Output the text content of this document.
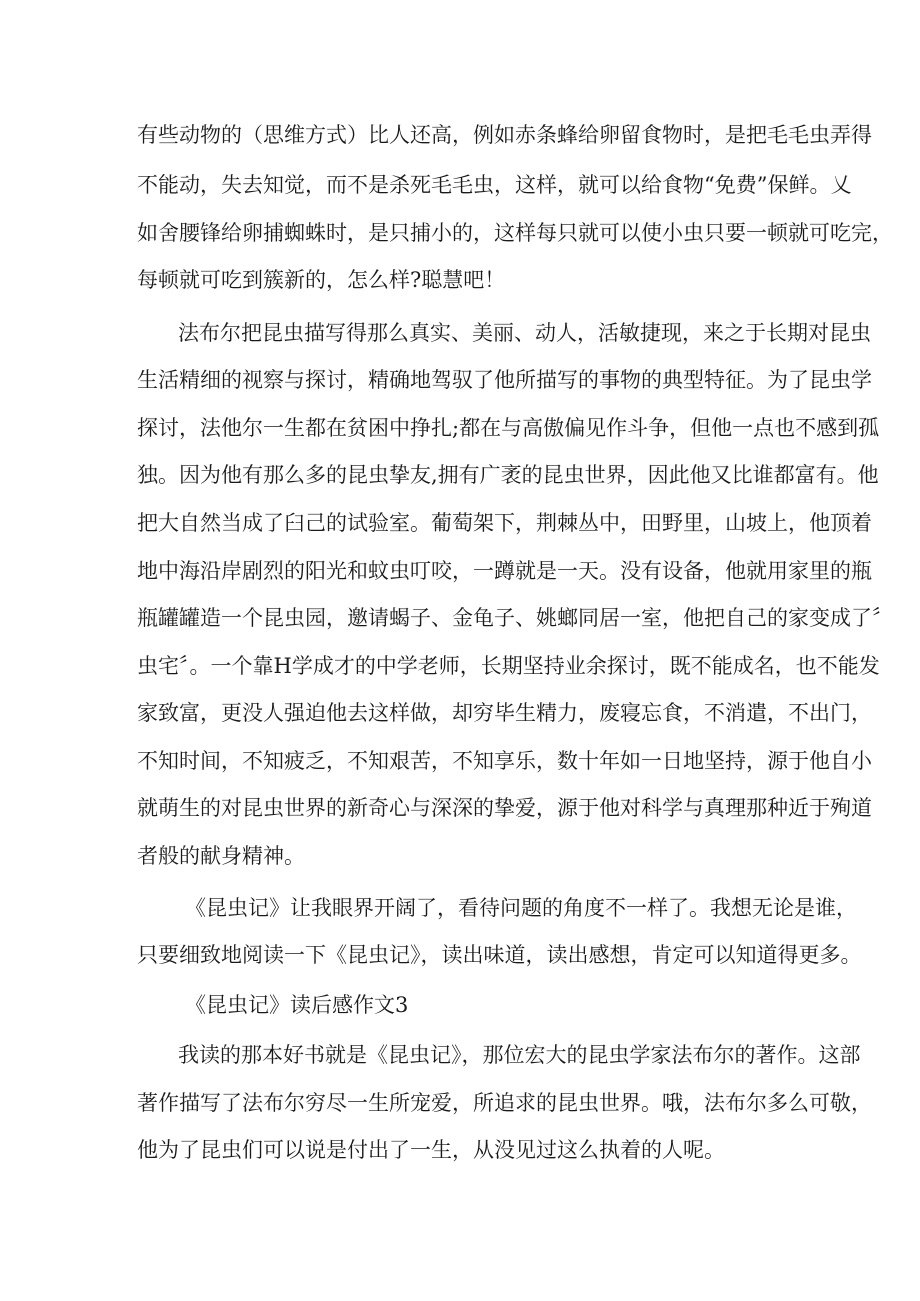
有些动物的（思维方式）比人还高，例如赤条蜂给卵留食物时，是把毛毛虫弄得

不能动，失去知觉，而不是杀死毛毛虫，这样，就可以给食物“免费”保鲜。乂

如舍腰锋给卵捕蜘蛛时，是只捕小的，这样每只就可以使小虫只要一顿就可吃完，

每顿就可吃到簇新的，怎么样?聪慧吧！

法布尔把昆虫描写得那么真实、美丽、动人，活敏捷现，来之于长期对昆虫

生活精细的视察与探讨，精确地驾驭了他所描写的事物的典型特征。为了昆虫学

探讨，法他尔一生都在贫困中挣扎;都在与高傲偏见作斗争，但他一点也不感到孤

独。因为他有那么多的昆虫挚友,拥有广袤的昆虫世界，因此他又比谁都富有。他

把大自然当成了臼己的试验室。葡萄架下，荆棘丛中，田野里，山坡上，他顶着

地中海沿岸剧烈的阳光和蚊虫叮咬，一蹲就是一天。没有设备，他就用家里的瓶

瓶罐罐造一个昆虫园，邀请蝎子、金龟子、姚螂同居一室，他把自己的家变成了〞

虫宅〞。一个靠H学成才的中学老师，长期坚持业余探讨，既不能成名，也不能发

家致富，更没人强迫他去这样做，却穷毕生精力，废寝忘食，不消遣，不出门，

不知时间，不知疲乏，不知艰苦，不知享乐，数十年如一日地坚持，源于他自小

就萌生的对昆虫世界的新奇心与深深的挚爱，源于他对科学与真理那种近于殉道

者般的献身精神。

《昆虫记》让我眼界开阔了，看待问题的角度不一样了。我想无论是谁，

只要细致地阅读一下《昆虫记》，读出味道，读出感想，肯定可以知道得更多。

《昆虫记》读后感作文3

我读的那本好书就是《昆虫记》，那位宏大的昆虫学家法布尔的著作。这部

著作描写了法布尔穷尽一生所宠爱，所追求的昆虫世界。哦，法布尔多么可敬，

他为了昆虫们可以说是付出了一生，从没见过这么执着的人呢。
